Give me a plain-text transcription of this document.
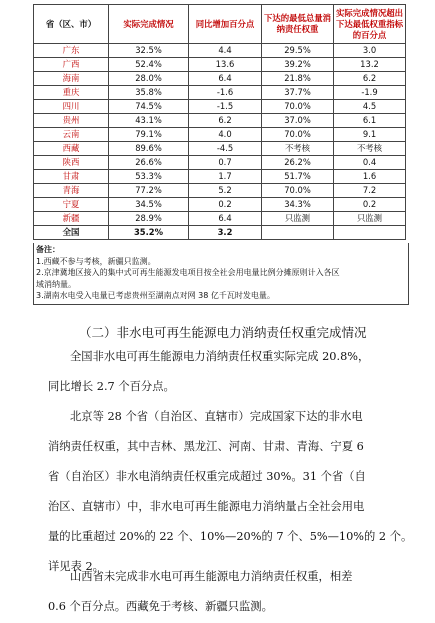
省（区、市）	实际完成情况	同比增加百分点	下达的最低总量消纳责任权重	实际完成情况超出下达最低权重指标的百分点
广东	32.5%	4.4	29.5%	3.0
广西	52.4%	13.6	39.2%	13.2
海南	28.0%	6.4	21.8%	6.2
重庆	35.8%	-1.6	37.7%	-1.9
四川	74.5%	-1.5	70.0%	4.5
贵州	43.1%	6.2	37.0%	6.1
云南	79.1%	4.0	70.0%	9.1
西藏	89.6%	-4.5	不考核	不考核
陕西	26.6%	0.7	26.2%	0.4
甘肃	53.3%	1.7	51.7%	1.6
青海	77.2%	5.2	70.0%	7.2
宁夏	34.5%	0.2	34.3%	0.2
新疆	28.9%	6.4	只监测	只监测
全国	35.2%	3.2		
备注：
1.西藏不参与考核，新疆只监测。
2.京津冀地区接入的集中式可再生能源发电项目按全社会用电量比例分摊原则计入各区
域消纳量。
3.湖南水电受入电量已考虑贵州至湖南点对网 38 亿千瓦时发电量。
（二）非水电可再生能源电力消纳责任权重完成情况
全国非水电可再生能源电力消纳责任权重实际完成 20.8%，
同比增长 2.7 个百分点。
北京等 28 个省（自治区、直辖市）完成国家下达的非水电
消纳责任权重，其中吉林、黑龙江、河南、甘肃、青海、宁夏 6
省（自治区）非水电消纳责任权重完成超过 30%。31 个省（自
治区、直辖市）中，非水电可再生能源电力消纳量占全社会用电
量的比重超过 20%的 22 个、10%—20%的 7 个、5%—10%的 2 个。
详见表 2。
山西省未完成非水电可再生能源电力消纳责任权重，相差
0.6 个百分点。西藏免于考核、新疆只监测。
